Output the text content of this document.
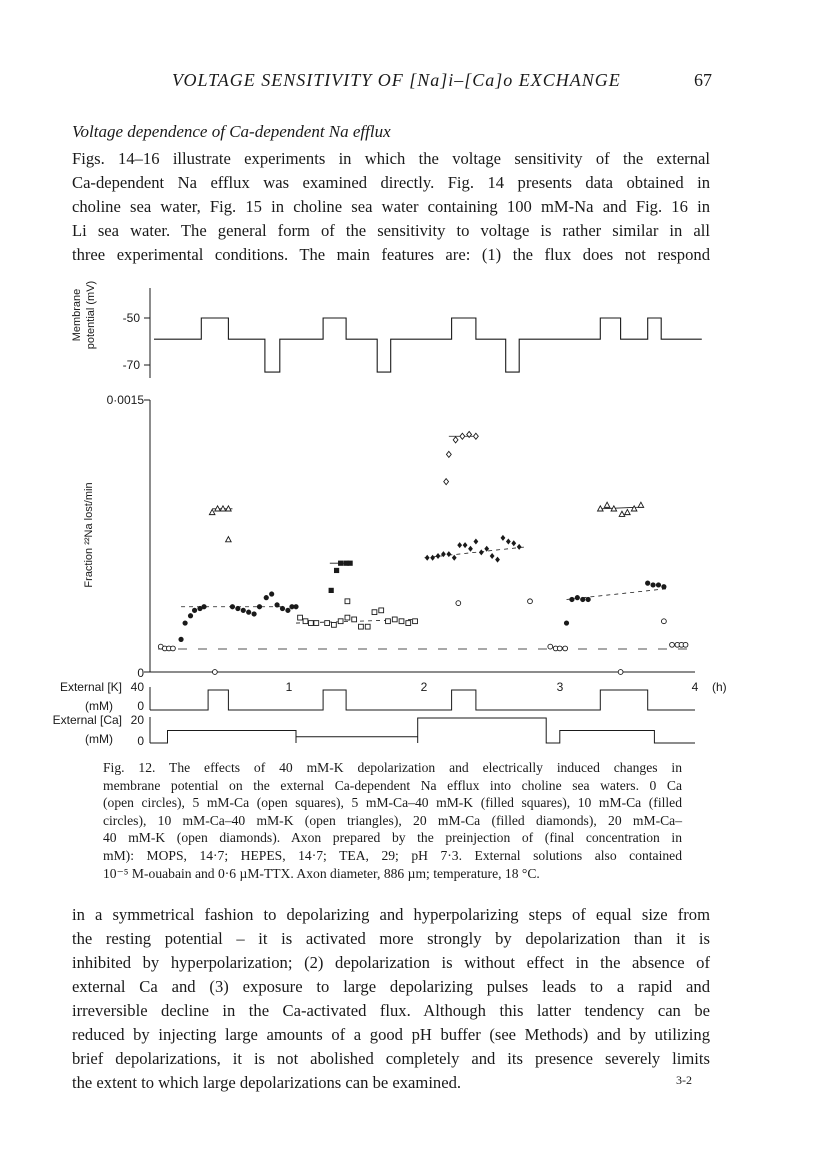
VOLTAGE SENSITIVITY OF [Na]i–[Ca]o EXCHANGE	67
Voltage dependence of Ca-dependent Na efflux
Figs. 14–16 illustrate experiments in which the voltage sensitivity of the external
Ca-dependent Na efflux was examined directly. Fig. 14 presents data obtained in
choline sea water, Fig. 15 in choline sea water containing 100 mM-Na and Fig. 16 in
Li sea water. The general form of the sensitivity to voltage is rather similar in all
three experimental conditions. The main features are: (1) the flux does not respond
Membrane potential (mV) -50
-70
Fraction ²²Na lost/min
0·0015
0
1	2	3	4 (h)
External [K]
(mM)
40
0
External [Ca]
(mM)
20
0
Fig. 12. The effects of 40 mM-K depolarization and electrically induced changes in
membrane potential on the external Ca-dependent Na efflux into choline sea waters. 0 Ca
(open circles), 5 mM-Ca (open squares), 5 mM-Ca–40 mM-K (filled squares), 10 mM-Ca (filled
circles), 10 mM-Ca–40 mM-K (open triangles), 20 mM-Ca (filled diamonds), 20 mM-Ca–
40 mM-K (open diamonds). Axon prepared by the preinjection of (final concentration in
mM): MOPS, 14·7; HEPES, 14·7; TEA, 29; pH 7·3. External solutions also contained
10⁻⁵ M-ouabain and 0·6 µM-TTX. Axon diameter, 886 µm; temperature, 18 °C.
in a symmetrical fashion to depolarizing and hyperpolarizing steps of equal size from
the resting potential – it is activated more strongly by depolarization than it is
inhibited by hyperpolarization; (2) depolarization is without effect in the absence of
external Ca and (3) exposure to large depolarizing pulses leads to a rapid and
irreversible decline in the Ca-activated flux. Although this latter tendency can be
reduced by injecting large amounts of a good pH buffer (see Methods) and by utilizing
brief depolarizations, it is not abolished completely and its presence severely limits
the extent to which large depolarizations can be examined.	3-2
